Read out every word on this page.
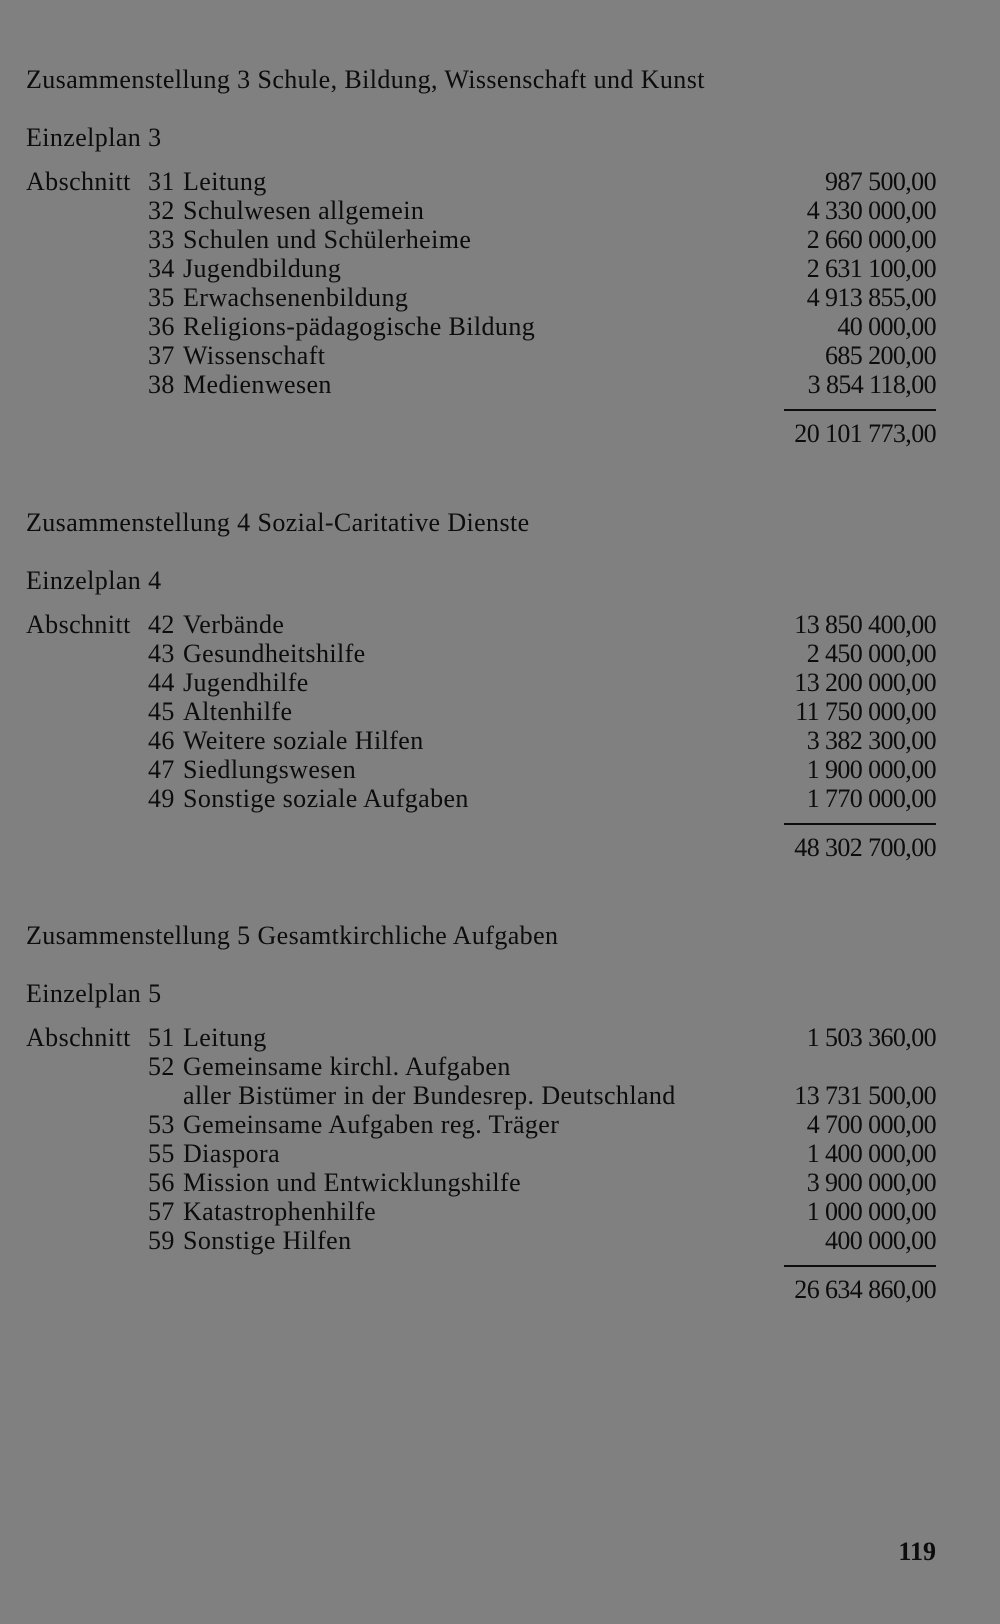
Zusammenstellung 3 Schule, Bildung, Wissenschaft und Kunst
Einzelplan 3
Abschnitt 31 Leitung	987 500,00
32 Schulwesen allgemein	4 330 000,00
33 Schulen und Schülerheime	2 660 000,00
34 Jugendbildung	2 631 100,00
35 Erwachsenenbildung	4 913 855,00
36 Religions-pädagogische Bildung	40 000,00
37 Wissenschaft	685 200,00
38 Medienwesen	3 854 118,00
20 101 773,00
Zusammenstellung 4 Sozial-Caritative Dienste
Einzelplan 4
Abschnitt 42 Verbände	13 850 400,00
43 Gesundheitshilfe	2 450 000,00
44 Jugendhilfe	13 200 000,00
45 Altenhilfe	11 750 000,00
46 Weitere soziale Hilfen	3 382 300,00
47 Siedlungswesen	1 900 000,00
49 Sonstige soziale Aufgaben	1 770 000,00
48 302 700,00
Zusammenstellung 5 Gesamtkirchliche Aufgaben
Einzelplan 5
Abschnitt 51 Leitung	1 503 360,00
52 Gemeinsame kirchl. Aufgaben
aller Bistümer in der Bundesrep. Deutschland	13 731 500,00
53 Gemeinsame Aufgaben reg. Träger	4 700 000,00
55 Diaspora	1 400 000,00
56 Mission und Entwicklungshilfe	3 900 000,00
57 Katastrophenhilfe	1 000 000,00
59 Sonstige Hilfen	400 000,00
26 634 860,00
119
